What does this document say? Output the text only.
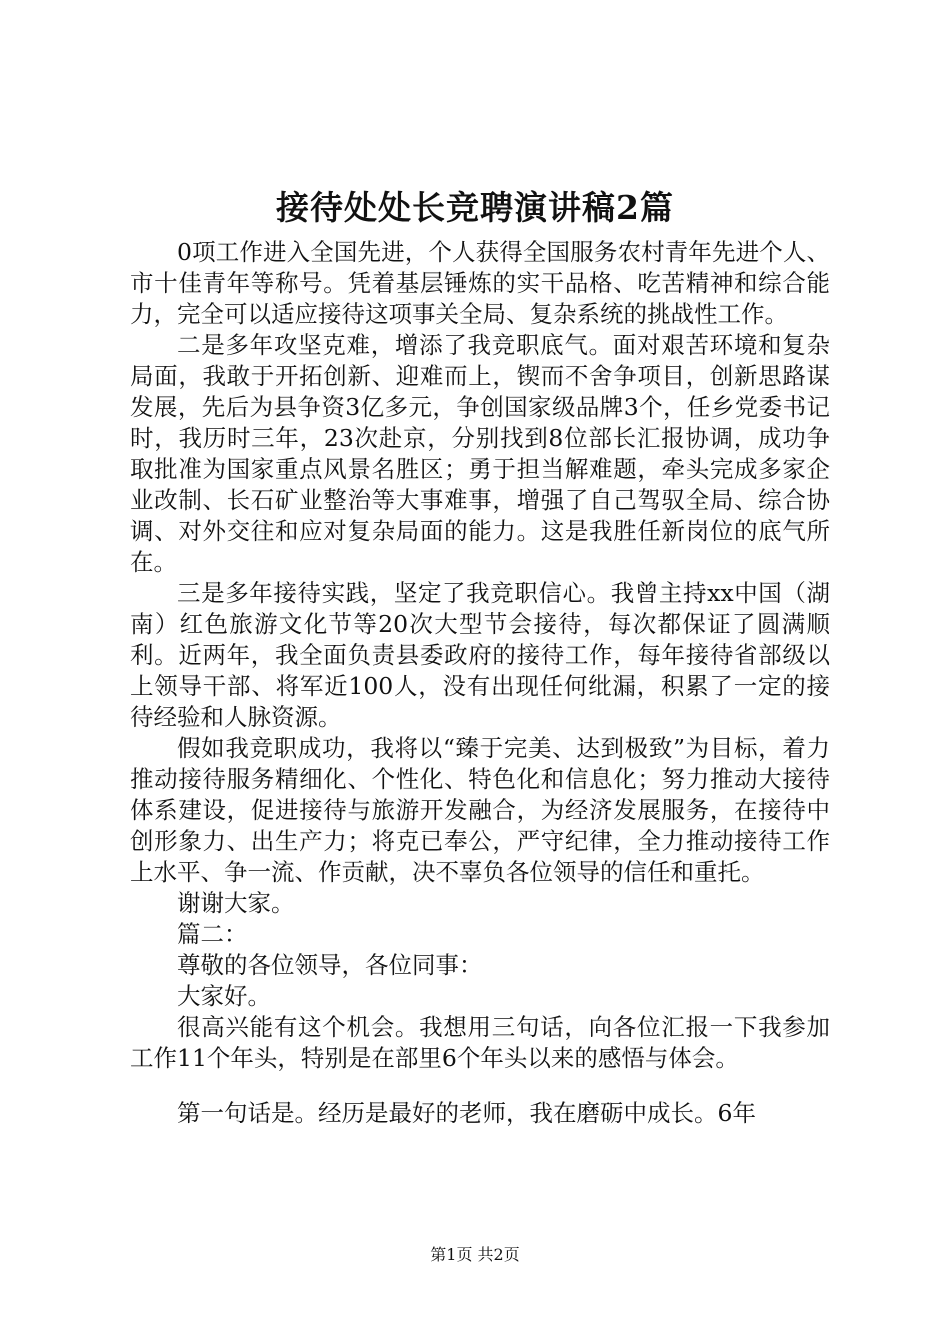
接待处处长竞聘演讲稿2篇

0项工作进入全国先进，个人获得全国服务农村青年先进个人、市十佳青年等称号。凭着基层锤炼的实干品格、吃苦精神和综合能力，完全可以适应接待这项事关全局、复杂系统的挑战性工作。

二是多年攻坚克难，增添了我竞职底气。面对艰苦环境和复杂局面，我敢于开拓创新、迎难而上，锲而不舍争项目，创新思路谋发展，先后为县争资3亿多元，争创国家级品牌3个，任乡党委书记时，我历时三年，23次赴京，分别找到8位部长汇报协调，成功争取批准为国家重点风景名胜区；勇于担当解难题，牵头完成多家企业改制、长石矿业整治等大事难事，增强了自己驾驭全局、综合协调、对外交往和应对复杂局面的能力。这是我胜任新岗位的底气所在。

三是多年接待实践，坚定了我竞职信心。我曾主持xx中国（湖南）红色旅游文化节等20次大型节会接待，每次都保证了圆满顺利。近两年，我全面负责县委政府的接待工作，每年接待省部级以上领导干部、将军近100人，没有出现任何纰漏，积累了一定的接待经验和人脉资源。

假如我竞职成功，我将以“臻于完美、达到极致”为目标，着力推动接待服务精细化、个性化、特色化和信息化；努力推动大接待体系建设，促进接待与旅游开发融合，为经济发展服务，在接待中创形象力、出生产力；将克已奉公，严守纪律，全力推动接待工作上水平、争一流、作贡献，决不辜负各位领导的信任和重托。

谢谢大家。

篇二：

尊敬的各位领导，各位同事：

大家好。

很高兴能有这个机会。我想用三句话，向各位汇报一下我参加工作11个年头，特别是在部里6个年头以来的感悟与体会。

第一句话是。经历是最好的老师，我在磨砺中成长。6年

第1页 共2页
